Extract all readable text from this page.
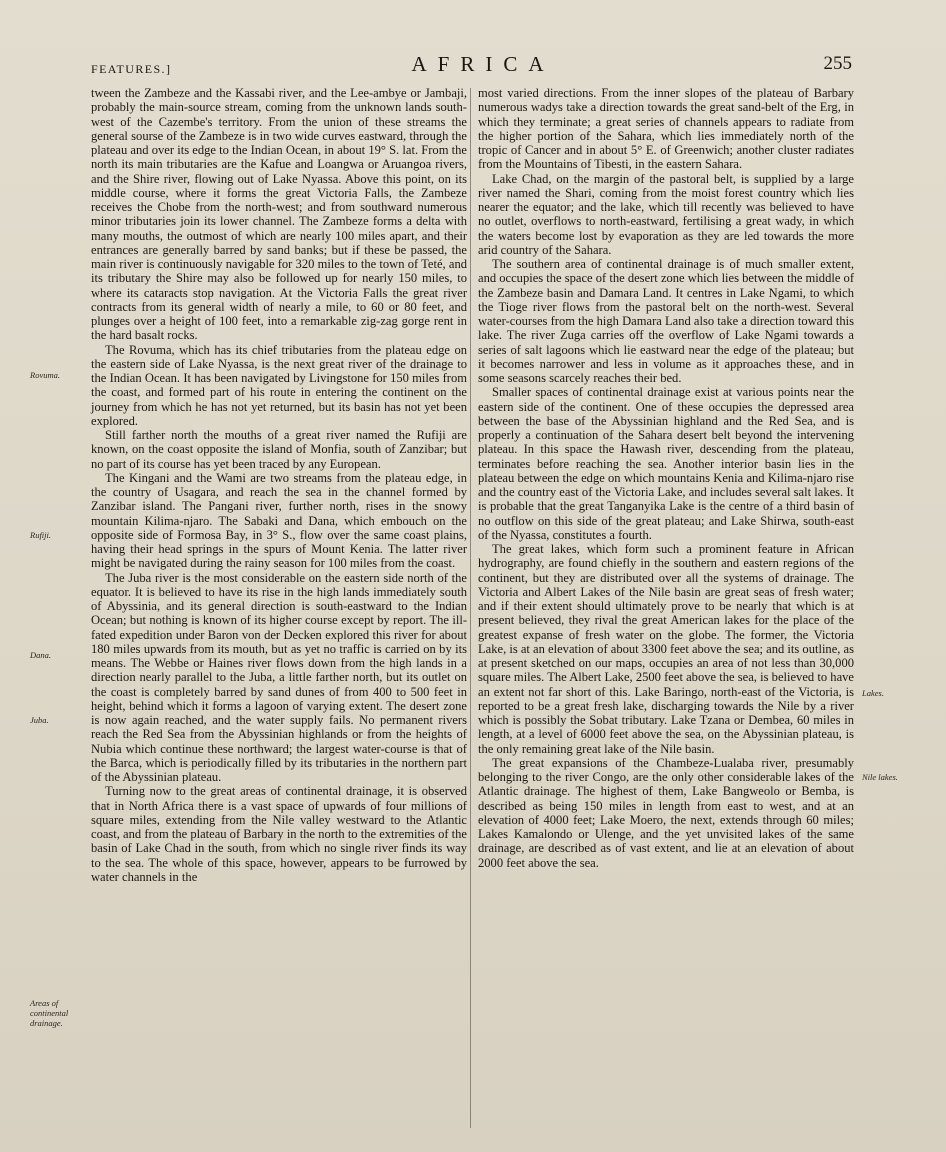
FEATURES.]	AFRICA	255
Rovuma.
Rufiji.
Dana.
Juba.
Areas of continental drainage.
Lakes.
Nile lakes.

tween the Zambeze and the Kassabi river, and the Lee-ambye or Jambaji, probably the main-source stream, coming from the unknown lands south-west of the Cazembe's territory. From the union of these streams the general sourse of the Zambeze is in two wide curves eastward, through the plateau and over its edge to the Indian Ocean, in about 19° S. lat. From the north its main tributaries are the Kafue and Loangwa or Aruangoa rivers, and the Shire river, flowing out of Lake Nyassa. Above this point, on its middle course, where it forms the great Victoria Falls, the Zambeze receives the Chobe from the north-west; and from southward numerous minor tributaries join its lower channel. The Zambeze forms a delta with many mouths, the outmost of which are nearly 100 miles apart, and their entrances are generally barred by sand banks; but if these be passed, the main river is continuously navigable for 320 miles to the town of Teté, and its tributary the Shire may also be followed up for nearly 150 miles, to where its cataracts stop navigation. At the Victoria Falls the great river contracts from its general width of nearly a mile, to 60 or 80 feet, and plunges over a height of 100 feet, into a remarkable zig-zag gorge rent in the hard basalt rocks.

The Rovuma, which has its chief tributaries from the plateau edge on the eastern side of Lake Nyassa, is the next great river of the drainage to the Indian Ocean. It has been navigated by Livingstone for 150 miles from the coast, and formed part of his route in entering the continent on the journey from which he has not yet returned, but its basin has not yet been explored.

Still farther north the mouths of a great river named the Rufiji are known, on the coast opposite the island of Monfia, south of Zanzibar; but no part of its course has yet been traced by any European.

The Kingani and the Wami are two streams from the plateau edge, in the country of Usagara, and reach the sea in the channel formed by Zanzibar island. The Pangani river, further north, rises in the snowy mountain Kilima-njaro. The Sabaki and Dana, which embouch on the opposite side of Formosa Bay, in 3° S., flow over the same coast plains, having their head springs in the spurs of Mount Kenia. The latter river might be navigated during the rainy season for 100 miles from the coast.

The Juba river is the most considerable on the eastern side north of the equator. It is believed to have its rise in the high lands immediately south of Abyssinia, and its general direction is south-eastward to the Indian Ocean; but nothing is known of its higher course except by report. The ill-fated expedition under Baron von der Decken explored this river for about 180 miles upwards from its mouth, but as yet no traffic is carried on by its means. The Webbe or Haines river flows down from the high lands in a direction nearly parallel to the Juba, a little farther north, but its outlet on the coast is completely barred by sand dunes of from 400 to 500 feet in height, behind which it forms a lagoon of varying extent. The desert zone is now again reached, and the water supply fails. No permanent rivers reach the Red Sea from the Abyssinian highlands or from the heights of Nubia which continue these northward; the largest water-course is that of the Barca, which is periodically filled by its tributaries in the northern part of the Abyssinian plateau.

Turning now to the great areas of continental drainage, it is observed that in North Africa there is a vast space of upwards of four millions of square miles, extending from the Nile valley westward to the Atlantic coast, and from the plateau of Barbary in the north to the extremities of the basin of Lake Chad in the south, from which no single river finds its way to the sea. The whole of this space, however, appears to be furrowed by water channels in the

most varied directions. From the inner slopes of the plateau of Barbary numerous wadys take a direction towards the great sand-belt of the Erg, in which they terminate; a great series of channels appears to radiate from the higher portion of the Sahara, which lies immediately north of the tropic of Cancer and in about 5° E. of Greenwich; another cluster radiates from the Mountains of Tibesti, in the eastern Sahara.

Lake Chad, on the margin of the pastoral belt, is supplied by a large river named the Shari, coming from the moist forest country which lies nearer the equator; and the lake, which till recently was believed to have no outlet, overflows to north-eastward, fertilising a great wady, in which the waters become lost by evaporation as they are led towards the more arid country of the Sahara.

The southern area of continental drainage is of much smaller extent, and occupies the space of the desert zone which lies between the middle of the Zambeze basin and Damara Land. It centres in Lake Ngami, to which the Tioge river flows from the pastoral belt on the north-west. Several water-courses from the high Damara Land also take a direction toward this lake. The river Zuga carries off the overflow of Lake Ngami towards a series of salt lagoons which lie eastward near the edge of the plateau; but it becomes narrower and less in volume as it approaches these, and in some seasons scarcely reaches their bed.

Smaller spaces of continental drainage exist at various points near the eastern side of the continent. One of these occupies the depressed area between the base of the Abyssinian highland and the Red Sea, and is properly a continuation of the Sahara desert belt beyond the intervening plateau. In this space the Hawash river, descending from the plateau, terminates before reaching the sea. Another interior basin lies in the plateau between the edge on which mountains Kenia and Kilima-njaro rise and the country east of the Victoria Lake, and includes several salt lakes. It is probable that the great Tanganyika Lake is the centre of a third basin of no outflow on this side of the great plateau; and Lake Shirwa, south-east of the Nyassa, constitutes a fourth.

The great lakes, which form such a prominent feature in African hydrography, are found chiefly in the southern and eastern regions of the continent, but they are distributed over all the systems of drainage. The Victoria and Albert Lakes of the Nile basin are great seas of fresh water; and if their extent should ultimately prove to be nearly that which is at present believed, they rival the great American lakes for the place of the greatest expanse of fresh water on the globe. The former, the Victoria Lake, is at an elevation of about 3300 feet above the sea; and its outline, as at present sketched on our maps, occupies an area of not less than 30,000 square miles. The Albert Lake, 2500 feet above the sea, is believed to have an extent not far short of this. Lake Baringo, north-east of the Victoria, is reported to be a great fresh lake, discharging towards the Nile by a river which is possibly the Sobat tributary. Lake Tzana or Dembea, 60 miles in length, at a level of 6000 feet above the sea, on the Abyssinian plateau, is the only remaining great lake of the Nile basin.

The great expansions of the Chambeze-Lualaba river, presumably belonging to the river Congo, are the only other considerable lakes of the Atlantic drainage. The highest of them, Lake Bangweolo or Bemba, is described as being 150 miles in length from east to west, and at an elevation of 4000 feet; Lake Moero, the next, extends through 60 miles; Lakes Kamalondo or Ulenge, and the yet unvisited lakes of the same drainage, are described as of vast extent, and lie at an elevation of about 2000 feet above the sea.
